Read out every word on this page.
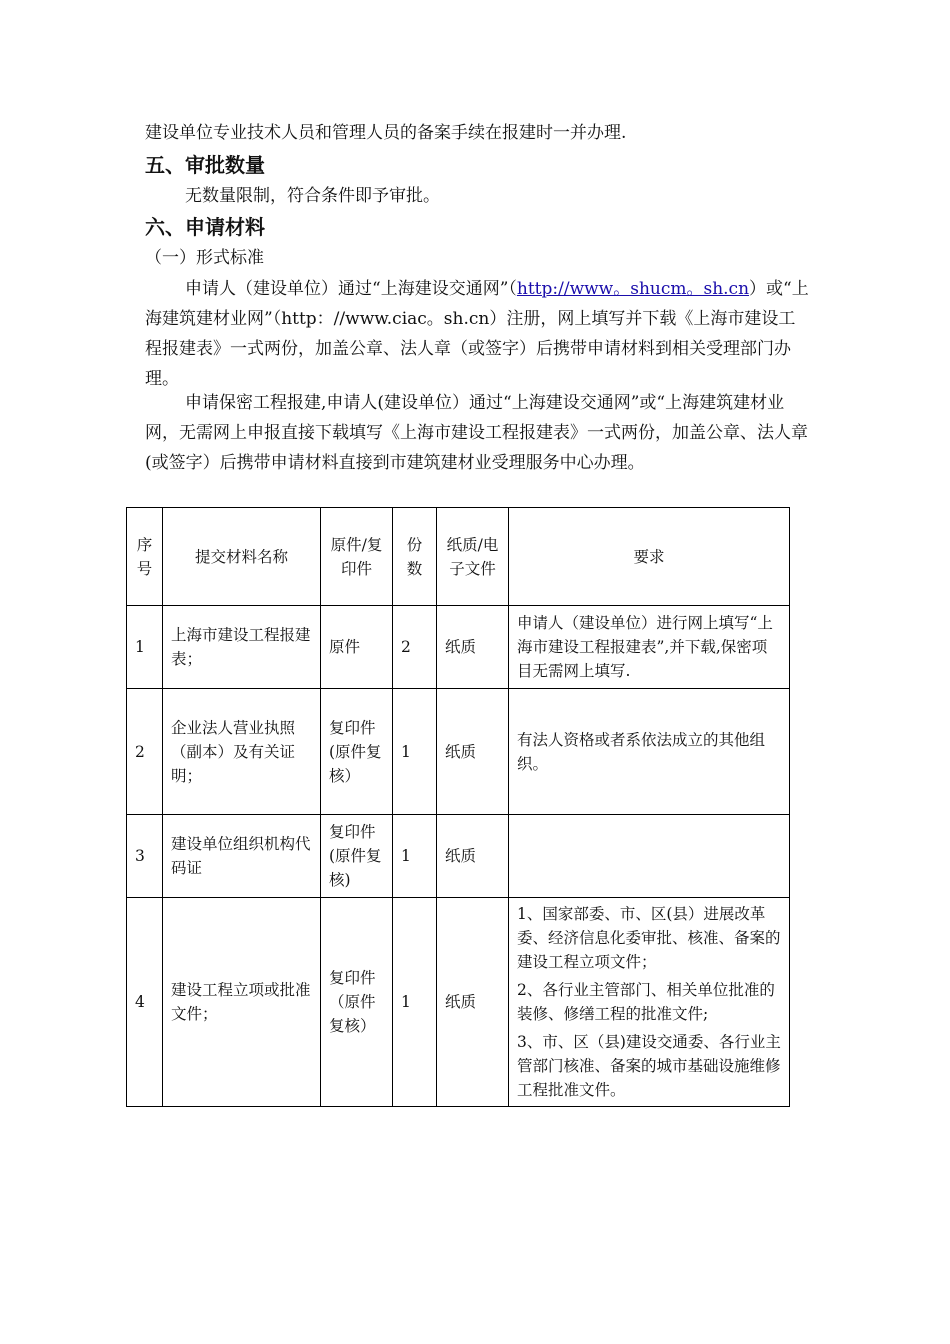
建设单位专业技术人员和管理人员的备案手续在报建时一并办理.

五、审批数量

无数量限制，符合条件即予审批。

六、申请材料

（一）形式标准

申请人（建设单位）通过“上海建设交通网”（http://www。shucm。sh.cn）或“上海建筑建材业网”（http：//www.ciac。sh.cn）注册，网上填写并下载《上海市建设工程报建表》一式两份，加盖公章、法人章（或签字）后携带申请材料到相关受理部门办理。

申请保密工程报建,申请人(建设单位）通过“上海建设交通网”或“上海建筑建材业网，无需网上申报直接下载填写《上海市建设工程报建表》一式两份，加盖公章、法人章(或签字）后携带申请材料直接到市建筑建材业受理服务中心办理。

序号	提交材料名称	原件/复印件	份数	纸质/电子文件	要求
1	上海市建设工程报建表；	原件	2	纸质	申请人（建设单位）进行网上填写“上海市建设工程报建表”,并下载,保密项目无需网上填写.

2	企业法人营业执照（副本）及有关证明；	复印件(原件复核）	1	纸质	有法人资格或者系依法成立的其他组织。

3	建设单位组织机构代码证	复印件(原件复核)	1	纸质	

4	建设工程立项或批准文件；	复印件（原件复核）	1	纸质	1、国家部委、市、区(县）进展改革委、经济信息化委审批、核准、备案的建设工程立项文件；
2、各行业主管部门、相关单位批准的装修、修缮工程的批准文件;
3、市、区（县)建设交通委、各行业主管部门核准、备案的城市基础设施维修工程批准文件。
